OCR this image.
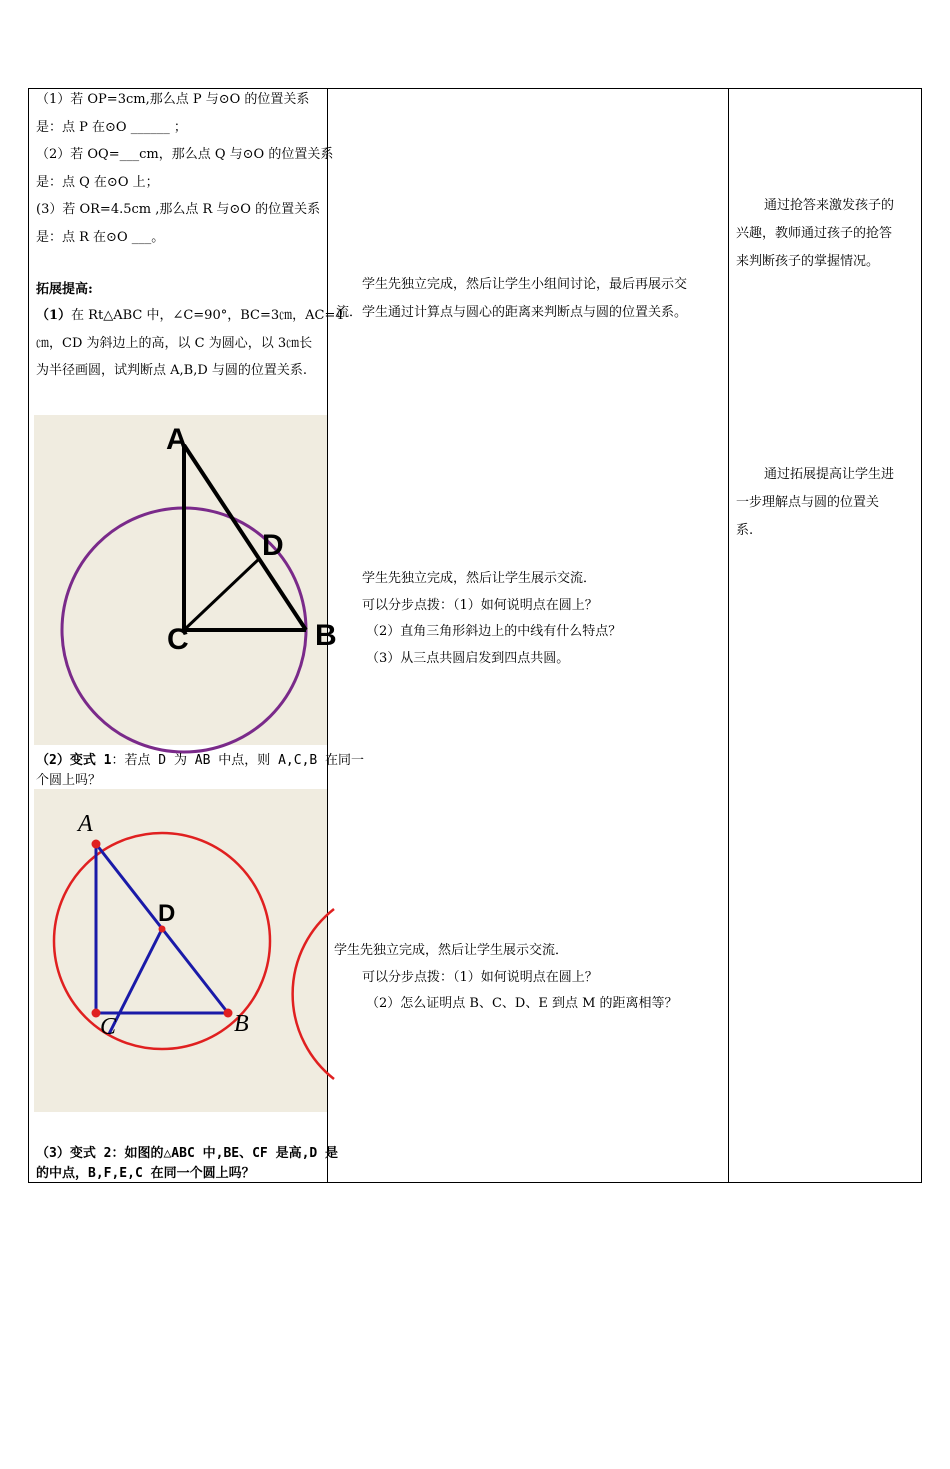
（1）若 OP=3cm,那么点 P 与⊙O 的位置关系
是：点 P 在⊙O ______ ；
（2）若 OQ=___cm，那么点 Q 与⊙O 的位置关系
是：点 Q 在⊙O 上；
(3）若 OR=4.5cm ,那么点 R 与⊙O 的位置关系
是：点 R 在⊙O ___。
拓展提高:
（1）在 Rt△ABC 中，∠C=90°，BC=3㎝，AC=4
㎝，CD 为斜边上的高，以 C 为圆心，以 3㎝长
为半径画圆，试判断点 A,B,D 与圆的位置关系.
A
D
C	B
（2）变式 1：若点 D 为 AB 中点，则 A,C,B 在同一
个圆上吗？
A
D
C	B
（3）变式 2：如图的△ABC 中,BE、CF 是高,D 是
的中点，B,F,E,C 在同一个圆上吗？
学生先独立完成，然后让学生小组间讨论，最后再展示交
流．学生通过计算点与圆心的距离来判断点与圆的位置关系。
学生先独立完成，然后让学生展示交流．
可以分步点拨：（1）如何说明点在圆上？
（2）直角三角形斜边上的中线有什么特点？
（3）从三点共圆启发到四点共圆。
学生先独立完成，然后让学生展示交流．
可以分步点拨：（1）如何说明点在圆上？
（2）怎么证明点 B、C、D、E 到点 M 的距离相等？
通过抢答来激发孩子的
兴趣，教师通过孩子的抢答
来判断孩子的掌握情况。
通过拓展提高让学生进
一步理解点与圆的位置关
系.
